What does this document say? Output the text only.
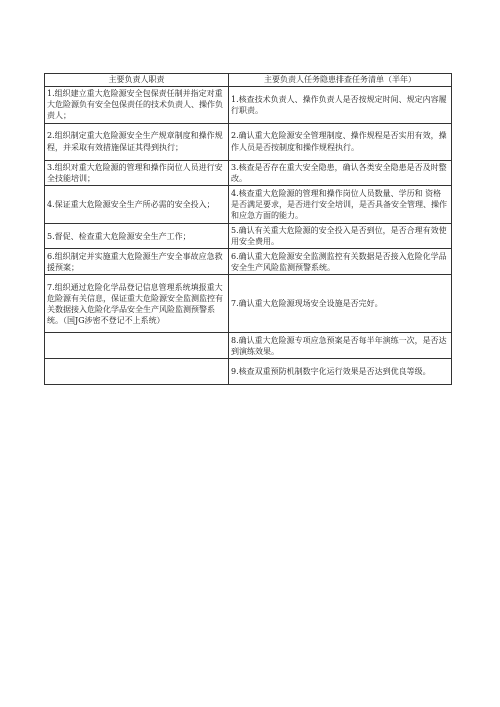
主要负责人职责	主要负责人任务隐患排查任务清单（半年）
1.组织建立重大危险源安全包保责任制并指定对重大危险源负有安全包保责任的技术负责人、操作负责人；	1.核查技术负责人、操作负责人是否按规定时间、规定内容履行职责。
2.组织制定重大危险源安全生产规章制度和操作规程，并采取有效措施保证其得到执行；	2.确认重大危险源安全管理制度、操作规程是否实用有效，操作人员是否按制度和操作规程执行。
3.组织对重大危险源的管理和操作岗位人员进行安全技能培训；	3.核查是否存在重大安全隐患，确认各类安全隐患是否及时整改。
4.保证重大危险源安全生产所必需的安全投入；	4.核查重大危险源的管理和操作岗位人员数量、学历和 资格是否满足要求，是否进行安全培训，是否具备安全管理、操作和应急方面的能力。
5.督促、检查重大危险源安全生产工作；	5.确认有关重大危险源的安全投入是否到位，是否合理有效使用安全费用。
6.组织制定并实施重大危险源生产安全事故应急救援预案；	6.确认重大危险源安全监测监控有关数据是否接入危险化学品安全生产风险监测预警系统。
7.组织通过危险化学品登记信息管理系统填报重大危险源有关信息，保证重大危险源安全监测监控有关数据接入危险化学品安全生产风险监测预警系统。（国JG涉密不登记不上系统）	7.确认重大危险源现场安全设施是否完好。
	8.确认重大危险源专项应急预案是否每半年演练一次，是否达到演练效果。
	9.核查双重预防机制数字化运行效果是否达到优良等级。
